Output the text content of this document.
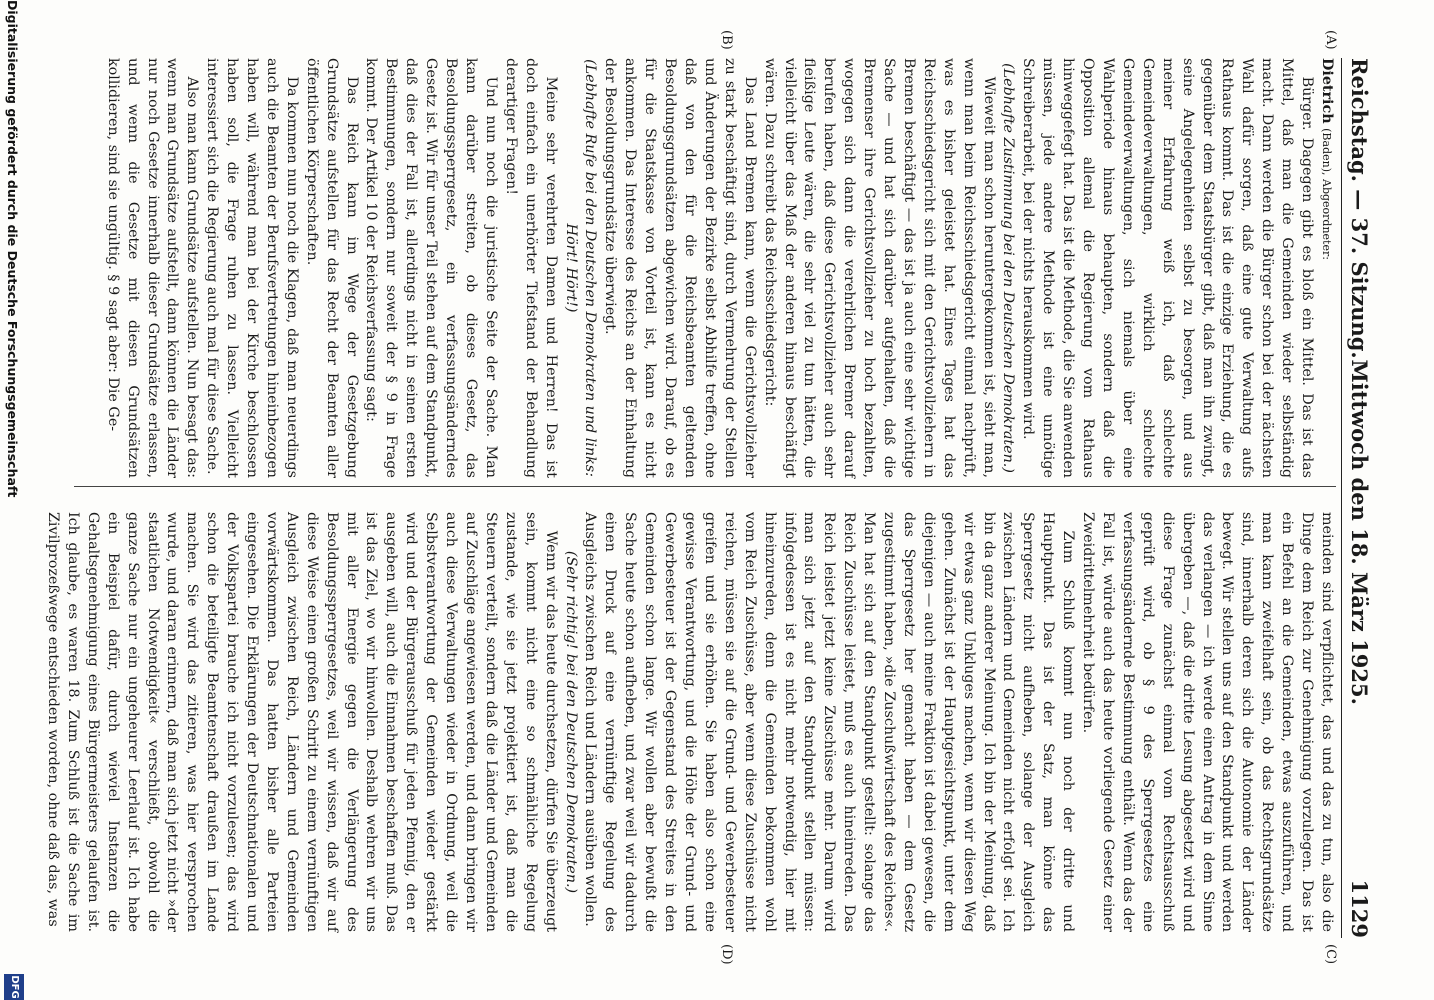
Reichstag. — 37. Sitzung.
Mittwoch den 18. März 1925.  1129
(A)
(B)
(C)
(D)

Dietrich (Baden), Abgeordneter:

Bürger. Dagegen gibt es bloß ein Mittel. Das ist das Mittel, daß man die Gemeinden wieder selbständig macht. Dann werden die Bürger schon bei der nächsten Wahl dafür sorgen, daß eine gute Verwaltung aufs Rathaus kommt. Das ist die einzige Erziehung, die es gegenüber dem Staatsbürger gibt, daß man ihn zwingt, seine Angelegenheiten selbst zu besorgen, und aus meiner Erfahrung weiß ich, daß schlechte Gemeindeverwaltungen, wirklich schlechte Gemeindeverwaltungen, sich niemals über eine Wahlperiode hinaus behaupten, sondern daß die Opposition allemal die Regierung vom Rathaus hinweggefegt hat. Das ist die Methode, die Sie anwenden müssen, jede andere Methode ist eine unnötige Schreiberarbeit, bei der nichts herauskommen wird.

(Lebhafte Zustimmung bei den Deutschen Demokraten.)

Wieweit man schon heruntergekommen ist, sieht man, wenn man beim Reichsschiedsgericht einmal nachprüft, was es bisher geleistet hat. Eines Tages hat das Reichsschiedsgericht sich mit den Gerichtsvollziehern in Bremen beschäftigt — das ist ja auch eine sehr wichtige Sache — und hat sich darüber aufgehalten, daß die Bremenser ihre Gerichtsvollzieher zu hoch bezahlten, wogegen sich dann die verehrlichen Bremer darauf berufen haben, daß diese Gerichtsvollzieher auch sehr fleißige Leute wären, die sehr viel zu tun hätten, die vielleicht über das Maß der anderen hinaus beschäftigt wären. Dazu schreibt das Reichsschiedsgericht:

Das Land Bremen kann, wenn die Gerichtsvollzieher zu stark beschäftigt sind, durch Vermehrung der Stellen und Änderungen der Bezirke selbst Abhilfe treffen, ohne daß von den für die Reichsbeamten geltenden Besoldungsgrundsätzen abgewichen wird. Darauf, ob es für die Staatskasse von Vorteil ist, kann es nicht ankommen. Das Interesse des Reichs an der Einhaltung der Besoldungsgrundsätze überwiegt.

(Lebhafte Rufe bei den Deutschen Demokraten und links: Hört! Hört!)

Meine sehr verehrten Damen und Herren! Das ist doch einfach ein unerhörter Tiefstand der Behandlung derartiger Fragen!

Und nun noch die juristische Seite der Sache. Man kann darüber streiten, ob dieses Gesetz, das Besoldungssperrgesetz, ein verfassungsänderndes Gesetz ist. Wir für unser Teil stehen auf dem Standpunkt, daß dies der Fall ist, allerdings nicht in seinen ersten Bestimmungen, sondern nur soweit der § 9 in Frage kommt. Der Artikel 10 der Reichsverfassung sagt:

Das Reich kann im Wege der Gesetzgebung Grundsätze aufstellen für das Recht der Beamten aller öffentlichen Körperschaften.

Da kommen nun noch die Klagen, daß man neuerdings auch die Beamten der Berufsvertretungen hineinbezogen haben will, während man bei der Kirche beschlossen haben soll, die Frage ruhen zu lassen. Vielleicht interessiert sich die Regierung auch mal für diese Sache.

Also man kann Grundsätze aufstellen. Nun besagt das: wenn man Grundsätze aufstellt, dann können die Länder nur noch Gesetze innerhalb dieser Grundsätze erlassen, und wenn die Gesetze mit diesen Grundsätzen kollidieren, sind sie ungültig. § 9 sagt aber: Die Ge-

meinden sind verpflichtet, das und das zu tun, also die Dinge dem Reich zur Genehmigung vorzulegen. Das ist ein Befehl an die Gemeinden, etwas auszuführen, und man kann zweifelhaft sein, ob das Rechtsgrundsätze sind, innerhalb deren sich die Autonomie der Länder bewegt. Wir stellen uns auf den Standpunkt und werden das verlangen — ich werde einen Antrag in dem Sinne übergeben —, daß die dritte Lesung abgesetzt wird und diese Frage zunächst einmal vom Rechtsausschuß geprüft wird, ob § 9 des Sperrgesetzes eine verfassungsändernde Bestimmung enthält. Wenn das der Fall ist, würde auch das heute vorliegende Gesetz einer Zweidrittelmehrheit bedürfen.

Zum Schluß kommt nun noch der dritte und Hauptpunkt. Das ist der Satz, man könne das Sperrgesetz nicht aufheben, solange der Ausgleich zwischen Ländern und Gemeinden nicht erfolgt sei. Ich bin da ganz anderer Meinung. Ich bin der Meinung, daß wir etwas ganz Unkluges machen, wenn wir diesen Weg gehen. Zunächst ist der Hauptgesichtspunkt, unter dem diejenigen — auch meine Fraktion ist dabei gewesen, die das Sperrgesetz her gemacht haben — dem Gesetz zugestimmt haben, »die Zuschußwirtschaft des Reiches«. Man hat sich auf den Standpunkt gestellt: solange das Reich Zuschüsse leistet, muß es auch hineinreden. Das Reich leistet jetzt keine Zuschüsse mehr. Darum wird man sich jetzt auf den Standpunkt stellen müssen: infolgedessen ist es nicht mehr notwendig, hier mit hineinzureden, denn die Gemeinden bekommen wohl vom Reich Zuschüsse, aber wenn diese Zuschüsse nicht reichen, müssen sie auf die Grund- und Gewerbesteuer greifen und sie erhöhen. Sie haben also schon eine gewisse Verantwortung, und die Höhe der Grund- und Gewerbesteuer ist der Gegenstand des Streites in den Gemeinden schon lange. Wir wollen aber bewußt die Sache heute schon aufheben, und zwar weil wir dadurch einen Druck auf eine vernünftige Regelung des Ausgleichs zwischen Reich und Ländern ausüben wollen.

(Sehr richtig! bei den Deutschen Demokraten.)

Wenn wir das heute durchsetzen, dürfen Sie überzeugt sein, kommt nicht eine so schmähliche Regelung zustande, wie sie jetzt projektiert ist, daß man die Steuern verteilt, sondern daß die Länder und Gemeinden auf Zuschläge angewiesen werden, und dann bringen wir auch diese Verwaltungen wieder in Ordnung, weil die Selbstverantwortung der Gemeinden wieder gestärkt wird und der Bürgerausschuß für jeden Pfennig, den er ausgeben will, auch die Einnahmen beschaffen muß. Das ist das Ziel, wo wir hinwollen. Deshalb wehren wir uns mit aller Energie gegen die Verlängerung des Besoldungssperrgesetzes, weil wir wissen, daß wir auf diese Weise einen großen Schritt zu einem vernünftigen Ausgleich zwischen Reich, Ländern und Gemeinden vorwärtskommen. Das hatten bisher alle Parteien eingesehen. Die Erklärungen der Deutschnationalen und der Volkspartei brauche ich nicht vorzulesen; das wird schon die beteiligte Beamtenschaft draußen im Lande machen. Sie wird das zitieren, was hier versprochen wurde, und daran erinnern, daß man sich jetzt nicht »der staatlichen Notwendigkeit« verschließt, obwohl die ganze Sache nur ein ungeheurer Leerlauf ist. Ich habe ein Beispiel dafür, durch wieviel Instanzen die Gehaltsgenehmigung eines Bürgermeisters gelaufen ist. Ich glaube, es waren 18. Zum Schluß ist die Sache im Zivilprozeßwege entschieden worden, ohne daß das, was

Digitalisierung gefördert durch die Deutsche Forschungsgemeinschaft
DFG
